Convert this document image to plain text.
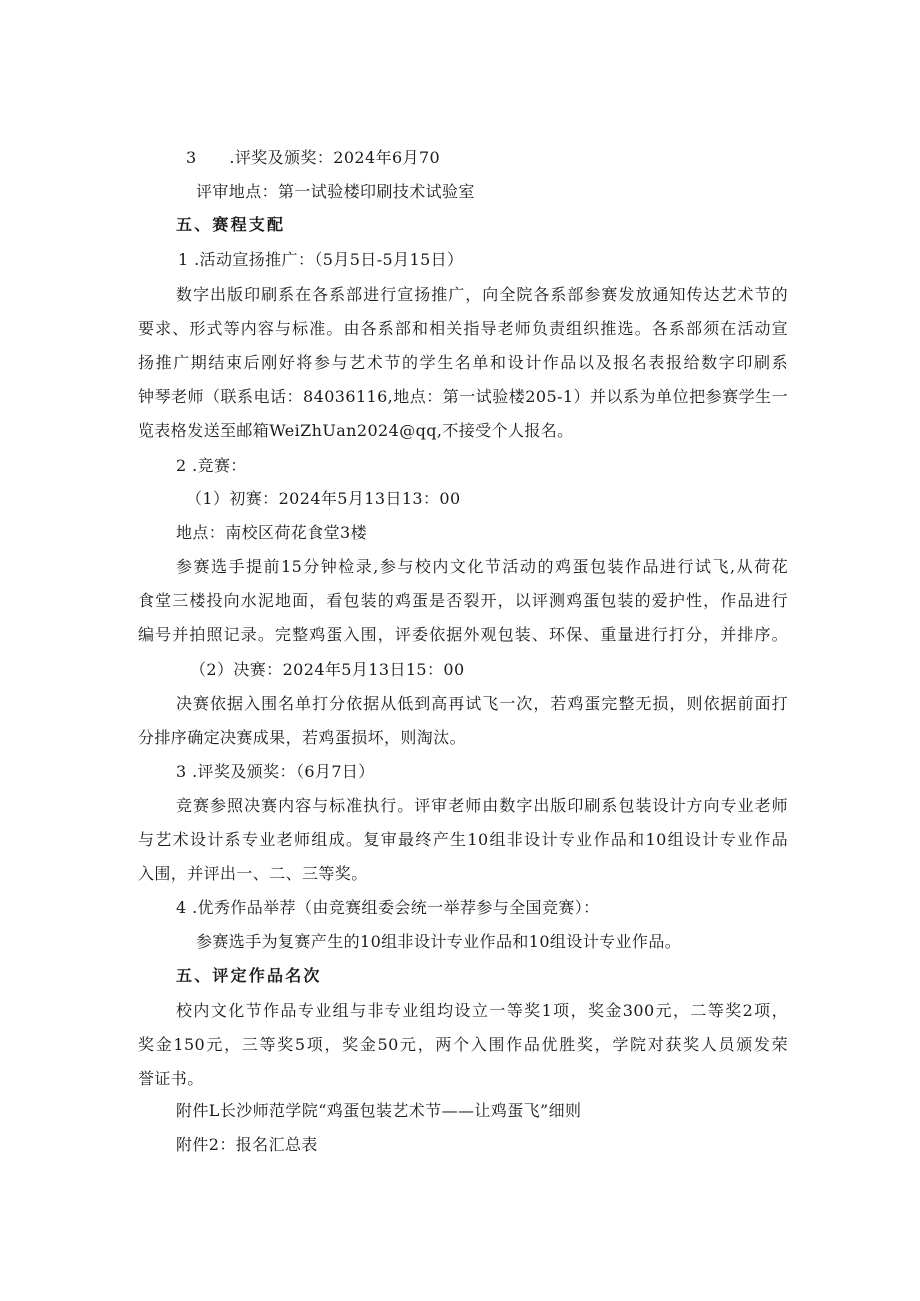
3　　.评奖及颁奖：2024年6月70
评审地点：第一试验楼印刷技术试验室
五、赛程支配
1 .活动宣扬推广：（5月5日-5月15日）
数字出版印刷系在各系部进行宣扬推广，向全院各系部参赛发放通知传达艺术节的
要求、形式等内容与标准。由各系部和相关指导老师负责组织推选。各系部须在活动宣
扬推广期结束后刚好将参与艺术节的学生名单和设计作品以及报名表报给数字印刷系
钟琴老师（联系电话：84036116,地点：第一试验楼205-1）并以系为单位把参赛学生一
览表格发送至邮箱WeiZhUan2024@qq,不接受个人报名。
2 .竞赛：
（1）初赛：2024年5月13日13：00
地点：南校区荷花食堂3楼
参赛选手提前15分钟检录,参与校内文化节活动的鸡蛋包装作品进行试飞,从荷花
食堂三楼投向水泥地面，看包装的鸡蛋是否裂开，以评测鸡蛋包装的爱护性，作品进行
编号并拍照记录。完整鸡蛋入围，评委依据外观包装、环保、重量进行打分，并排序。
（2）决赛：2024年5月13日15：00
决赛依据入围名单打分依据从低到高再试飞一次，若鸡蛋完整无损，则依据前面打
分排序确定决赛成果，若鸡蛋损坏，则淘汰。
3 .评奖及颁奖：（6月7日）
竞赛参照决赛内容与标准执行。评审老师由数字出版印刷系包装设计方向专业老师
与艺术设计系专业老师组成。复审最终产生10组非设计专业作品和10组设计专业作品
入围，并评出一、二、三等奖。
4 .优秀作品举荐（由竞赛组委会统一举荐参与全国竞赛）：
参赛选手为复赛产生的10组非设计专业作品和10组设计专业作品。
五、评定作品名次
校内文化节作品专业组与非专业组均设立一等奖1项，奖金300元，二等奖2项，
奖金150元，三等奖5项，奖金50元，两个入围作品优胜奖，学院对获奖人员颁发荣
誉证书。
附件L长沙师范学院“鸡蛋包装艺术节——让鸡蛋飞”细则
附件2：报名汇总表
